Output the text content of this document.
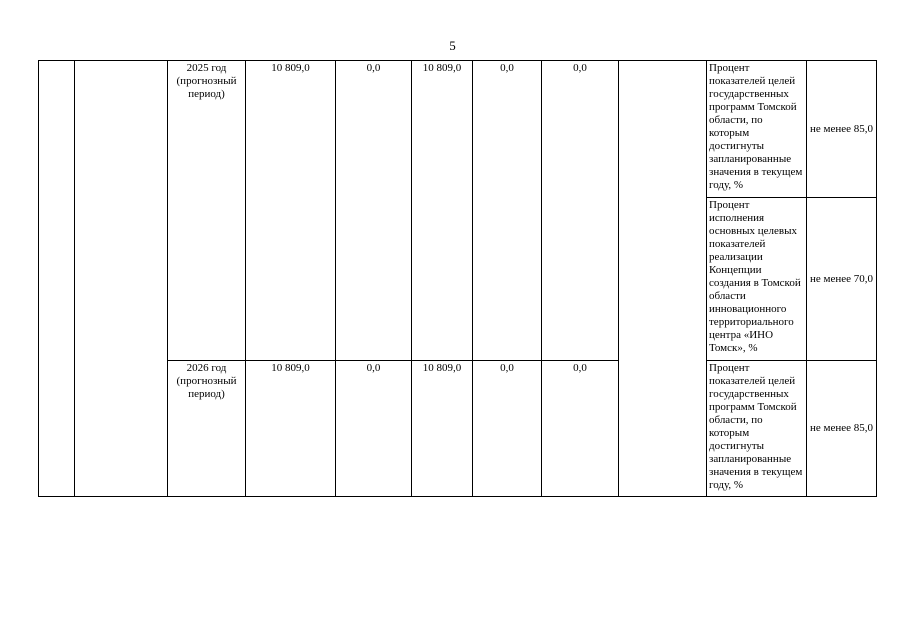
5
		2025 год (прогнозный период)	10 809,0	0,0	10 809,0	0,0	0,0		Процент показателей целей государственных программ Томской области, по которым достигнуты запланированные значения в текущем году, %	не менее 85,0
									Процент исполнения основных целевых показателей реализации Концепции создания в Томской области инновационного территориального центра «ИНО Томск», %	не менее 70,0
		2026 год (прогнозный период)	10 809,0	0,0	10 809,0	0,0	0,0		Процент показателей целей государственных программ Томской области, по которым достигнуты запланированные значения в текущем году, %	не менее 85,0
